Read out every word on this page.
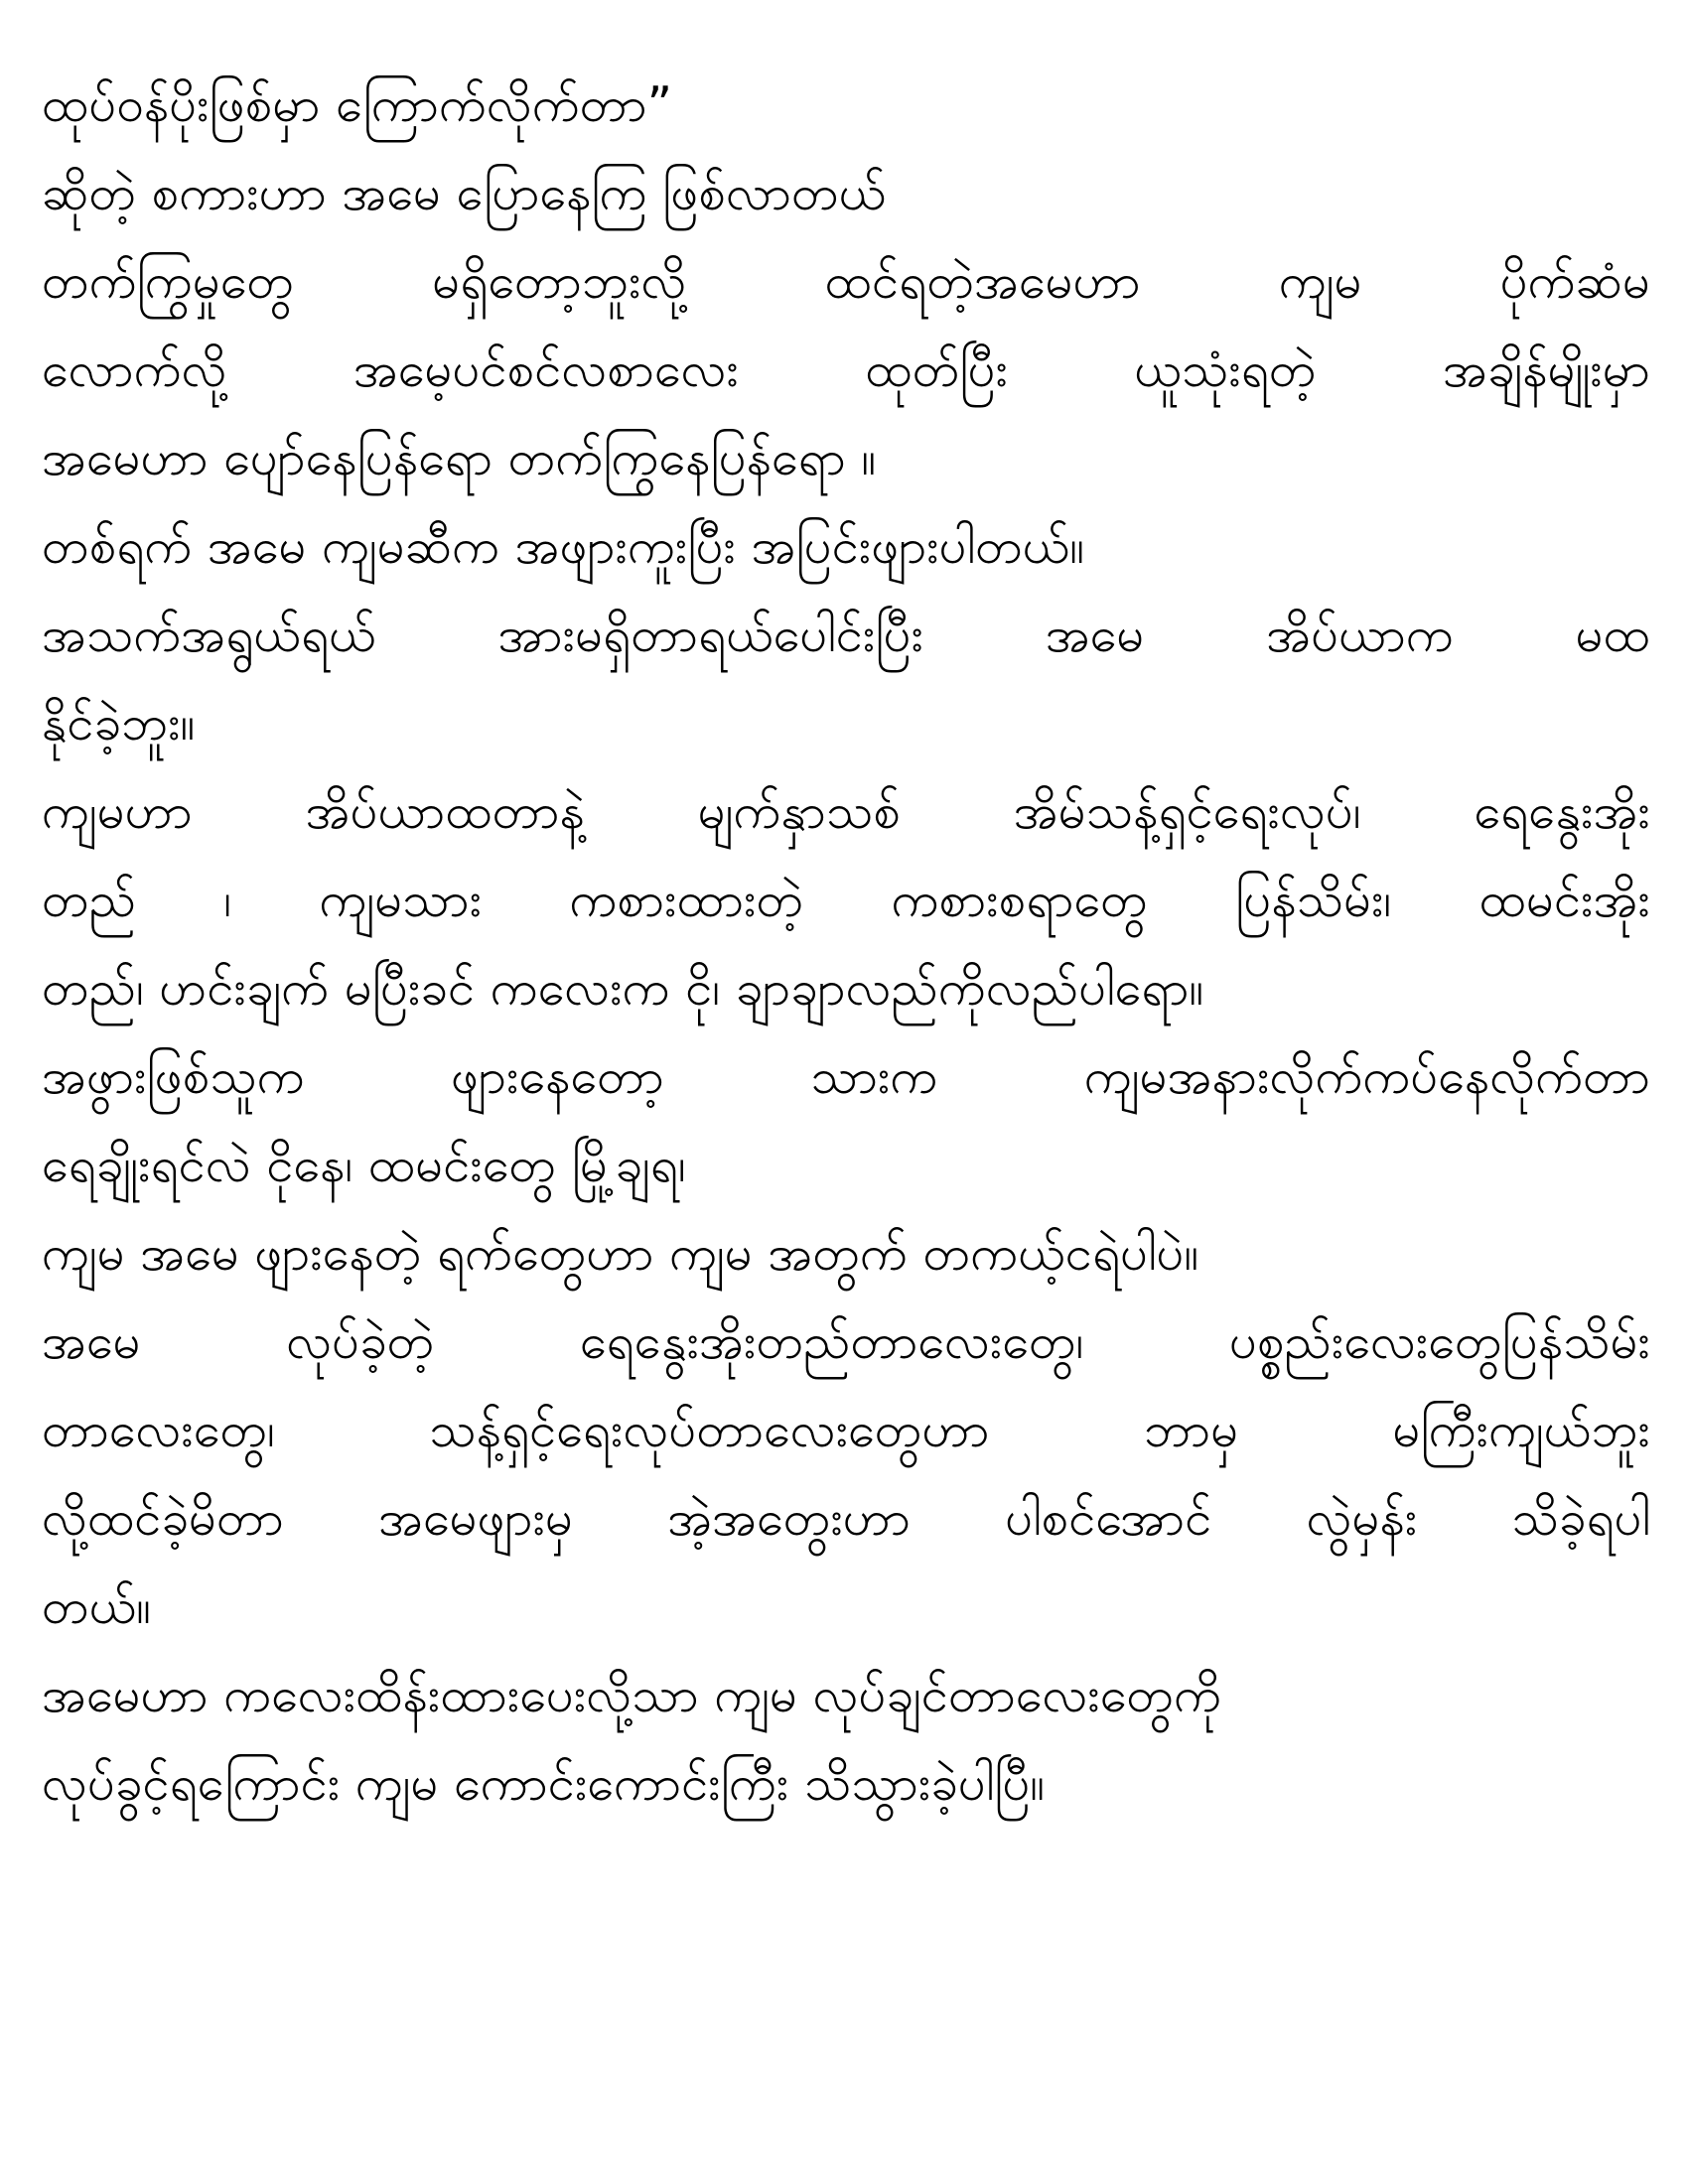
ထုပ်ဝန်ပိုးဖြစ်မှာ ကြောက်လိုက်တာ”
ဆိုတဲ့ စကားဟာ အမေ ပြောနေကြ ဖြစ်လာတယ်
တက်ကြွမှုတွေ မရှိတော့ဘူးလို့ ထင်ရတဲ့အမေဟာ ကျမ ပိုက်ဆံမ
လောက်လို့ အမေ့ပင်စင်လစာလေး ထုတ်ပြီး ယူသုံးရတဲ့ အချိန်မျိုးမှာ
အမေဟာ ပျော်နေပြန်ရော တက်ကြွနေပြန်ရော ။
တစ်ရက် အမေ ကျမဆီက အဖျားကူးပြီး အပြင်းဖျားပါတယ်။
အသက်အရွယ်ရယ် အားမရှိတာရယ်ပေါင်းပြီး အမေ အိပ်ယာက မထ
နိုင်ခဲ့ဘူး။
ကျမဟာ အိပ်ယာထတာနဲ့ မျက်နှာသစ် အိမ်သန့်ရှင့်ရေးလုပ်၊ ရေနွေးအိုး
တည် ၊ ကျမသား ကစားထားတဲ့ ကစားစရာတွေ ပြန်သိမ်း၊ ထမင်းအိုး
တည်၊ ဟင်းချက် မပြီးခင် ကလေးက ငို၊ ချာချာလည်ကိုလည်ပါရော။
အဖွားဖြစ်သူက ဖျားနေတော့ သားက ကျမအနားလိုက်ကပ်နေလိုက်တာ
ရေချိုးရင်လဲ ငိုနေ၊ ထမင်းတွေ မြို့ချရ၊
ကျမ အမေ ဖျားနေတဲ့ ရက်တွေဟာ ကျမ အတွက် တကယ့်ငရဲပါပဲ။
အမေ လုပ်ခဲ့တဲ့ ရေနွေးအိုးတည်တာလေးတွေ၊ ပစ္စည်းလေးတွေပြန်သိမ်း
တာလေးတွေ၊ သန့်ရှင့်ရေးလုပ်တာလေးတွေဟာ ဘာမှ မကြီးကျယ်ဘူး
လို့ထင်ခဲ့မိတာ အမေဖျားမှ အဲ့အတွေးဟာ ပါစင်အောင် လွဲမှန်း သိခဲ့ရပါ
တယ်။
အမေဟာ ကလေးထိန်းထားပေးလို့သာ ကျမ လုပ်ချင်တာလေးတွေကို
လုပ်ခွင့်ရကြောင်း ကျမ ကောင်းကောင်းကြီး သိသွားခဲ့ပါပြီ။
